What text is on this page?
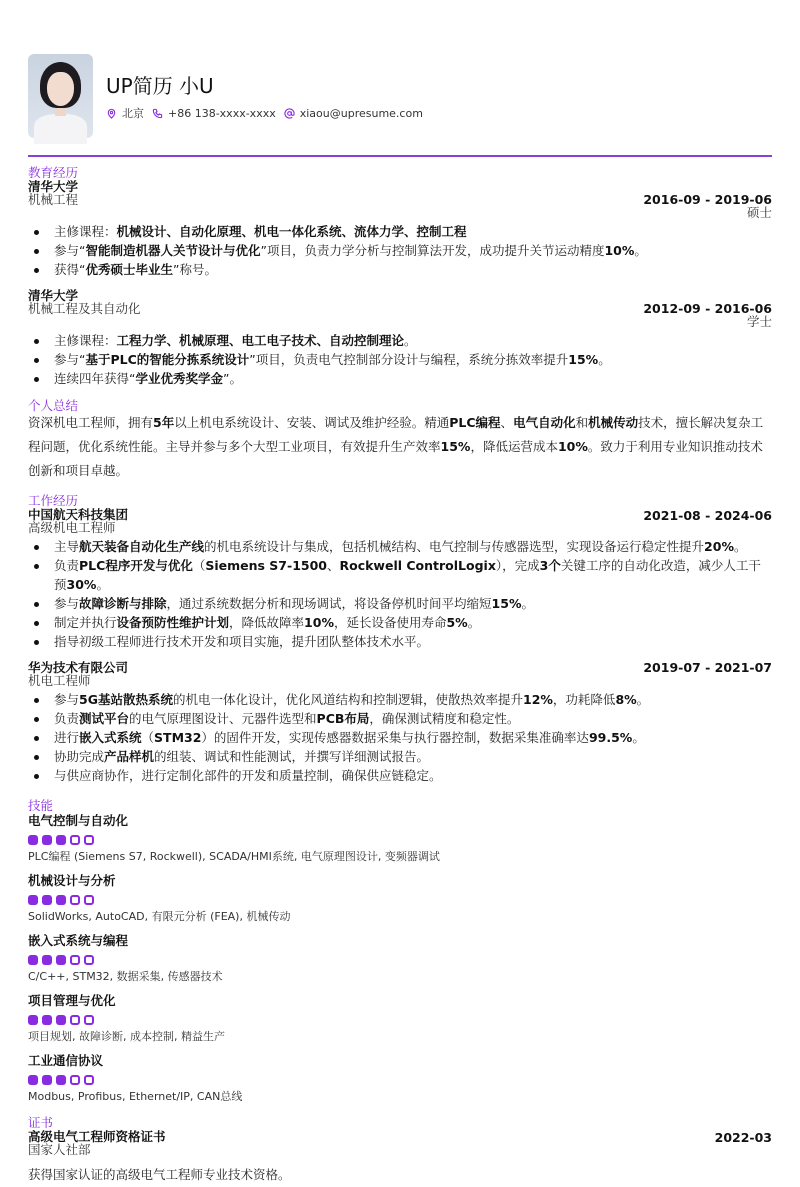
UP简历 小U
北京 +86 138-xxxx-xxxx xiaou@upresume.com
教育经历
清华大学
机械工程	2016-09 - 2019-06
硕士
主修课程：机械设计、自动化原理、机电一体化系统、流体力学、控制工程
参与“智能制造机器人关节设计与优化”项目，负责力学分析与控制算法开发，成功提升关节运动精度10%。
获得“优秀硕士毕业生”称号。
清华大学
机械工程及其自动化	2012-09 - 2016-06
学士
主修课程：工程力学、机械原理、电工电子技术、自动控制理论。
参与“基于PLC的智能分拣系统设计”项目，负责电气控制部分设计与编程，系统分拣效率提升15%。
连续四年获得“学业优秀奖学金”。
个人总结
资深机电工程师，拥有5年以上机电系统设计、安装、调试及维护经验。精通PLC编程、电气自动化和机械传动技术，擅长解决复杂工程问题，优化系统性能。主导并参与多个大型工业项目，有效提升生产效率15%，降低运营成本10%。致力于利用专业知识推动技术创新和项目卓越。
工作经历
中国航天科技集团
高级机电工程师
2021-08 - 2024-06
主导航天装备自动化生产线的机电系统设计与集成，包括机械结构、电气控制与传感器选型，实现设备运行稳定性提升20%。
负责PLC程序开发与优化（Siemens S7-1500、Rockwell ControlLogix），完成3个关键工序的自动化改造，减少人工干预30%。
参与故障诊断与排除，通过系统数据分析和现场调试，将设备停机时间平均缩短15%。
制定并执行设备预防性维护计划，降低故障率10%，延长设备使用寿命5%。
指导初级工程师进行技术开发和项目实施，提升团队整体技术水平。
华为技术有限公司
机电工程师
2019-07 - 2021-07
参与5G基站散热系统的机电一体化设计，优化风道结构和控制逻辑，使散热效率提升12%，功耗降低8%。
负责测试平台的电气原理图设计、元器件选型和PCB布局，确保测试精度和稳定性。
进行嵌入式系统（STM32）的固件开发，实现传感器数据采集与执行器控制，数据采集准确率达99.5%。
协助完成产品样机的组装、调试和性能测试，并撰写详细测试报告。
与供应商协作，进行定制化部件的开发和质量控制，确保供应链稳定。
技能
电气控制与自动化
PLC编程 (Siemens S7, Rockwell), SCADA/HMI系统, 电气原理图设计, 变频器调试
机械设计与分析
SolidWorks, AutoCAD, 有限元分析 (FEA), 机械传动
嵌入式系统与编程
C/C++, STM32, 数据采集, 传感器技术
项目管理与优化
项目规划, 故障诊断, 成本控制, 精益生产
工业通信协议
Modbus, Profibus, Ethernet/IP, CAN总线
证书
高级电气工程师资格证书
国家人社部
2022-03
获得国家认证的高级电气工程师专业技术资格。
